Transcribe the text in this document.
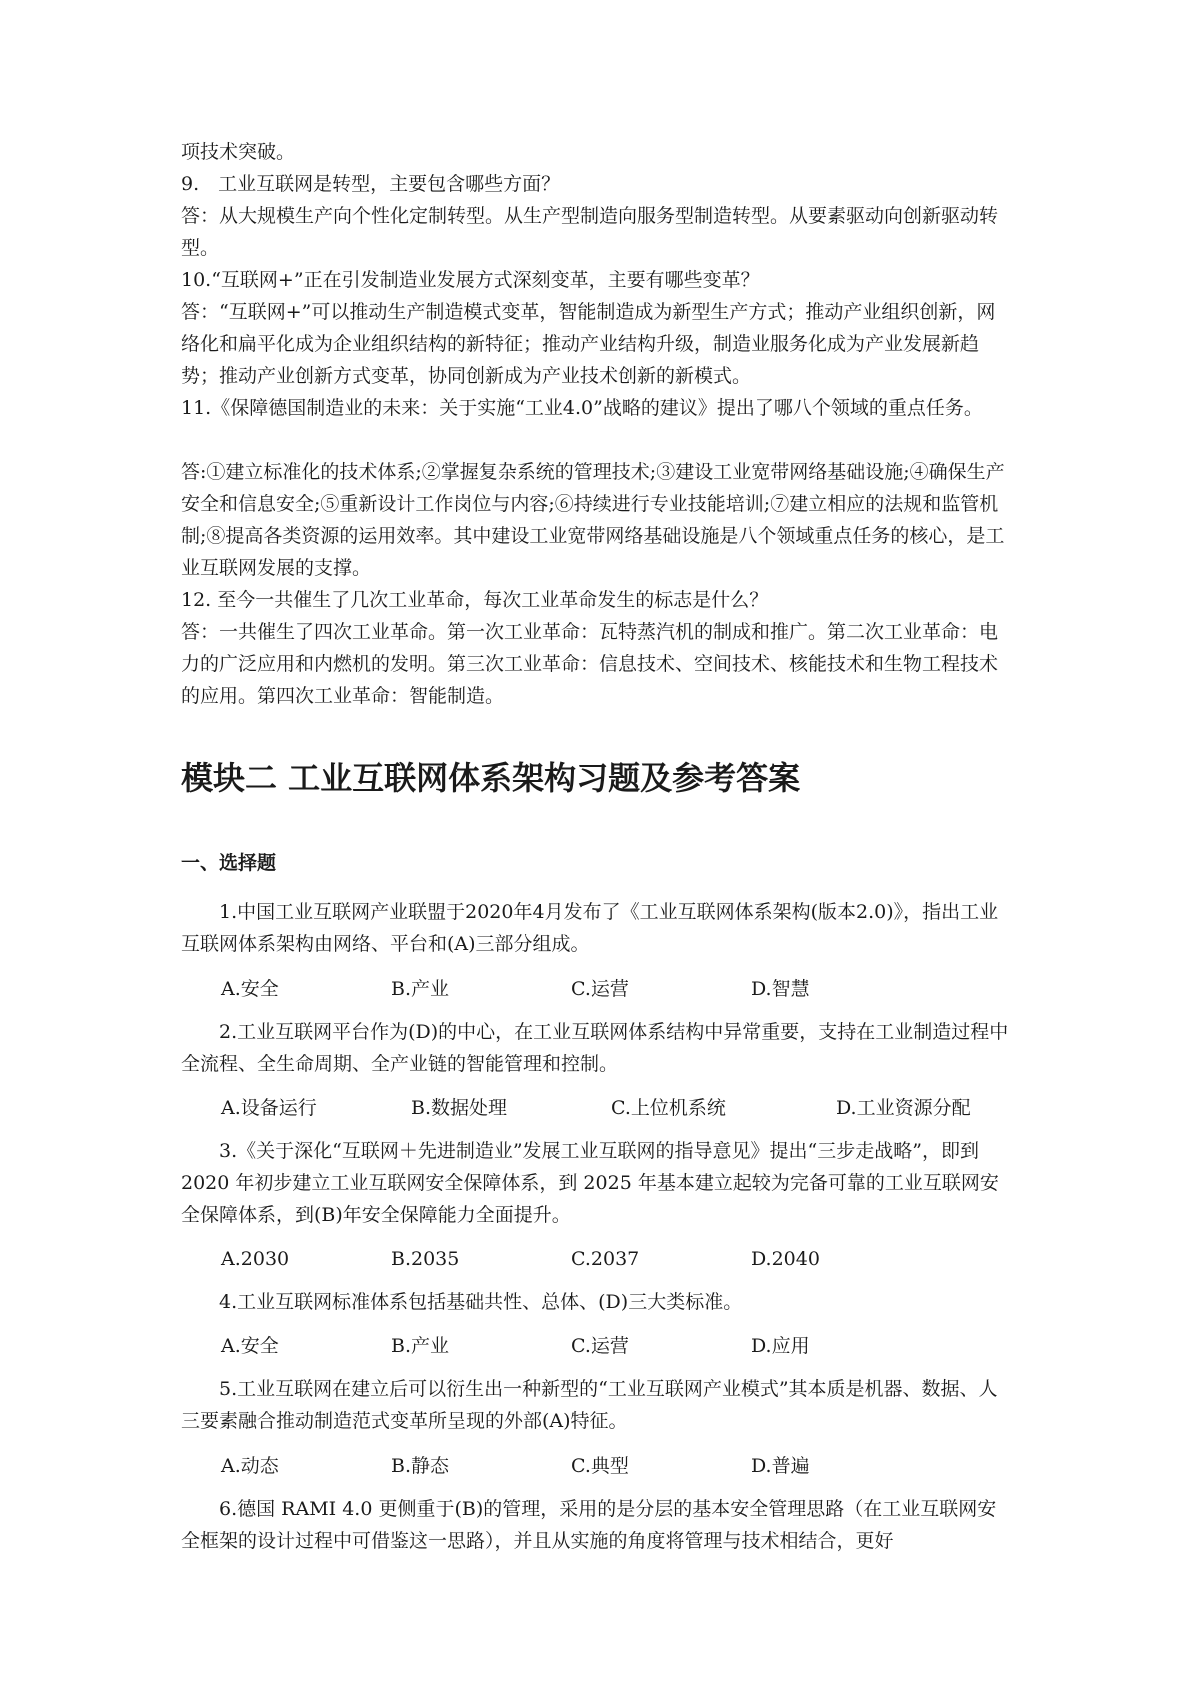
项技术突破。

9.　工业互联网是转型，主要包含哪些方面？

答：从大规模生产向个性化定制转型。从生产型制造向服务型制造转型。从要素驱动向创新驱动转型。

10.“互联网+”正在引发制造业发展方式深刻变革，主要有哪些变革？

答：“互联网+”可以推动生产制造模式变革，智能制造成为新型生产方式；推动产业组织创新，网络化和扁平化成为企业组织结构的新特征；推动产业结构升级，制造业服务化成为产业发展新趋势；推动产业创新方式变革，协同创新成为产业技术创新的新模式。

11.《保障德国制造业的未来：关于实施“工业4.0”战略的建议》提出了哪八个领域的重点任务。

答:①建立标准化的技术体系;②掌握复杂系统的管理技术;③建设工业宽带网络基础设施;④确保生产安全和信息安全;⑤重新设计工作岗位与内容;⑥持续进行专业技能培训;⑦建立相应的法规和监管机制;⑧提高各类资源的运用效率。其中建设工业宽带网络基础设施是八个领域重点任务的核心，是工业互联网发展的支撑。

12. 至今一共催生了几次工业革命，每次工业革命发生的标志是什么？

答：一共催生了四次工业革命。第一次工业革命：瓦特蒸汽机的制成和推广。第二次工业革命：电力的广泛应用和内燃机的发明。第三次工业革命：信息技术、空间技术、核能技术和生物工程技术的应用。第四次工业革命：智能制造。

模块二 工业互联网体系架构习题及参考答案
一、选择题

1.中国工业互联网产业联盟于2020年4月发布了《工业互联网体系架构(版本2.0)》，指出工业互联网体系架构由网络、平台和(A)三部分组成。

A.安全	B.产业	C.运营	D.智慧

2.工业互联网平台作为(D)的中心，在工业互联网体系结构中异常重要，支持在工业制造过程中全流程、全生命周期、全产业链的智能管理和控制。

A.设备运行	B.数据处理	C.上位机系统	D.工业资源分配

3.《关于深化“互联网＋先进制造业”发展工业互联网的指导意见》提出“三步走战略”，即到 2020 年初步建立工业互联网安全保障体系，到 2025 年基本建立起较为完备可靠的工业互联网安全保障体系，到(B)年安全保障能力全面提升。

A.2030	B.2035	C.2037	D.2040

4.工业互联网标准体系包括基础共性、总体、(D)三大类标准。

A.安全	B.产业	C.运营	D.应用

5.工业互联网在建立后可以衍生出一种新型的“工业互联网产业模式”其本质是机器、数据、人三要素融合推动制造范式变革所呈现的外部(A)特征。

A.动态	B.静态	C.典型	D.普遍

6.德国 RAMI 4.0 更侧重于(B)的管理，采用的是分层的基本安全管理思路（在工业互联网安全框架的设计过程中可借鉴这一思路），并且从实施的角度将管理与技术相结合，更好
